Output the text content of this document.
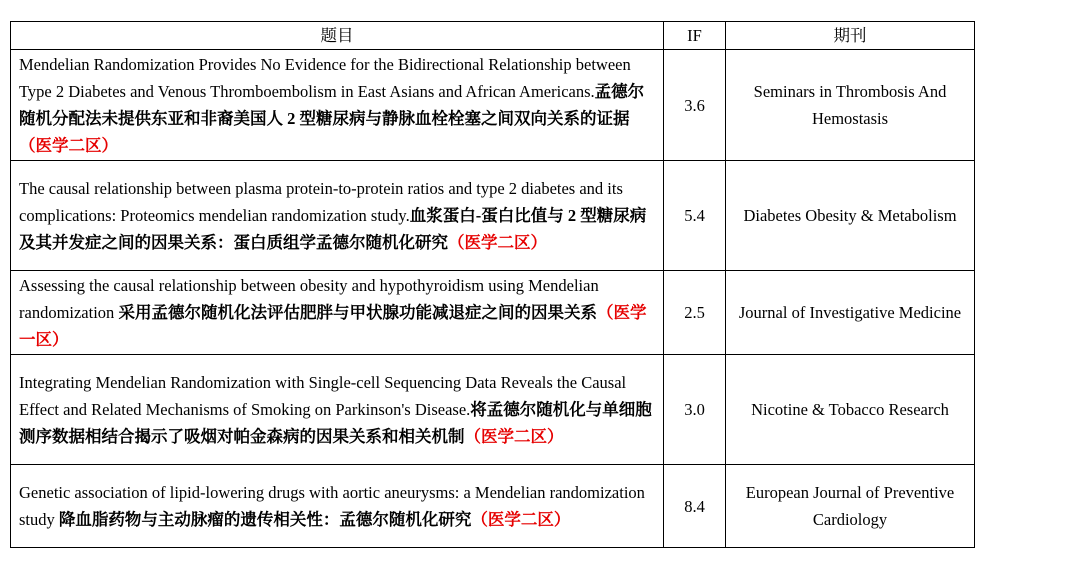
题目	IF	期刊
Mendelian Randomization Provides No Evidence for the Bidirectional Relationship between Type 2 Diabetes and Venous Thromboembolism in East Asians and African Americans.孟德尔随机分配法未提供东亚和非裔美国人 2 型糖尿病与静脉血栓栓塞之间双向关系的证据（医学二区）	3.6	Seminars in Thrombosis And Hemostasis
The causal relationship between plasma protein-to-protein ratios and type 2 diabetes and its complications: Proteomics mendelian randomization study.血浆蛋白-蛋白比值与 2 型糖尿病及其并发症之间的因果关系：蛋白质组学孟德尔随机化研究（医学二区）	5.4	Diabetes Obesity & Metabolism
Assessing the causal relationship between obesity and hypothyroidism using Mendelian randomization 采用孟德尔随机化法评估肥胖与甲状腺功能减退症之间的因果关系（医学一区）	2.5	Journal of Investigative Medicine
Integrating Mendelian Randomization with Single-cell Sequencing Data Reveals the Causal Effect and Related Mechanisms of Smoking on Parkinson's Disease.将孟德尔随机化与单细胞测序数据相结合揭示了吸烟对帕金森病的因果关系和相关机制（医学二区）	3.0	Nicotine & Tobacco Research
Genetic association of lipid-lowering drugs with aortic aneurysms: a Mendelian randomization study 降血脂药物与主动脉瘤的遗传相关性：孟德尔随机化研究（医学二区）	8.4	European Journal of Preventive Cardiology
